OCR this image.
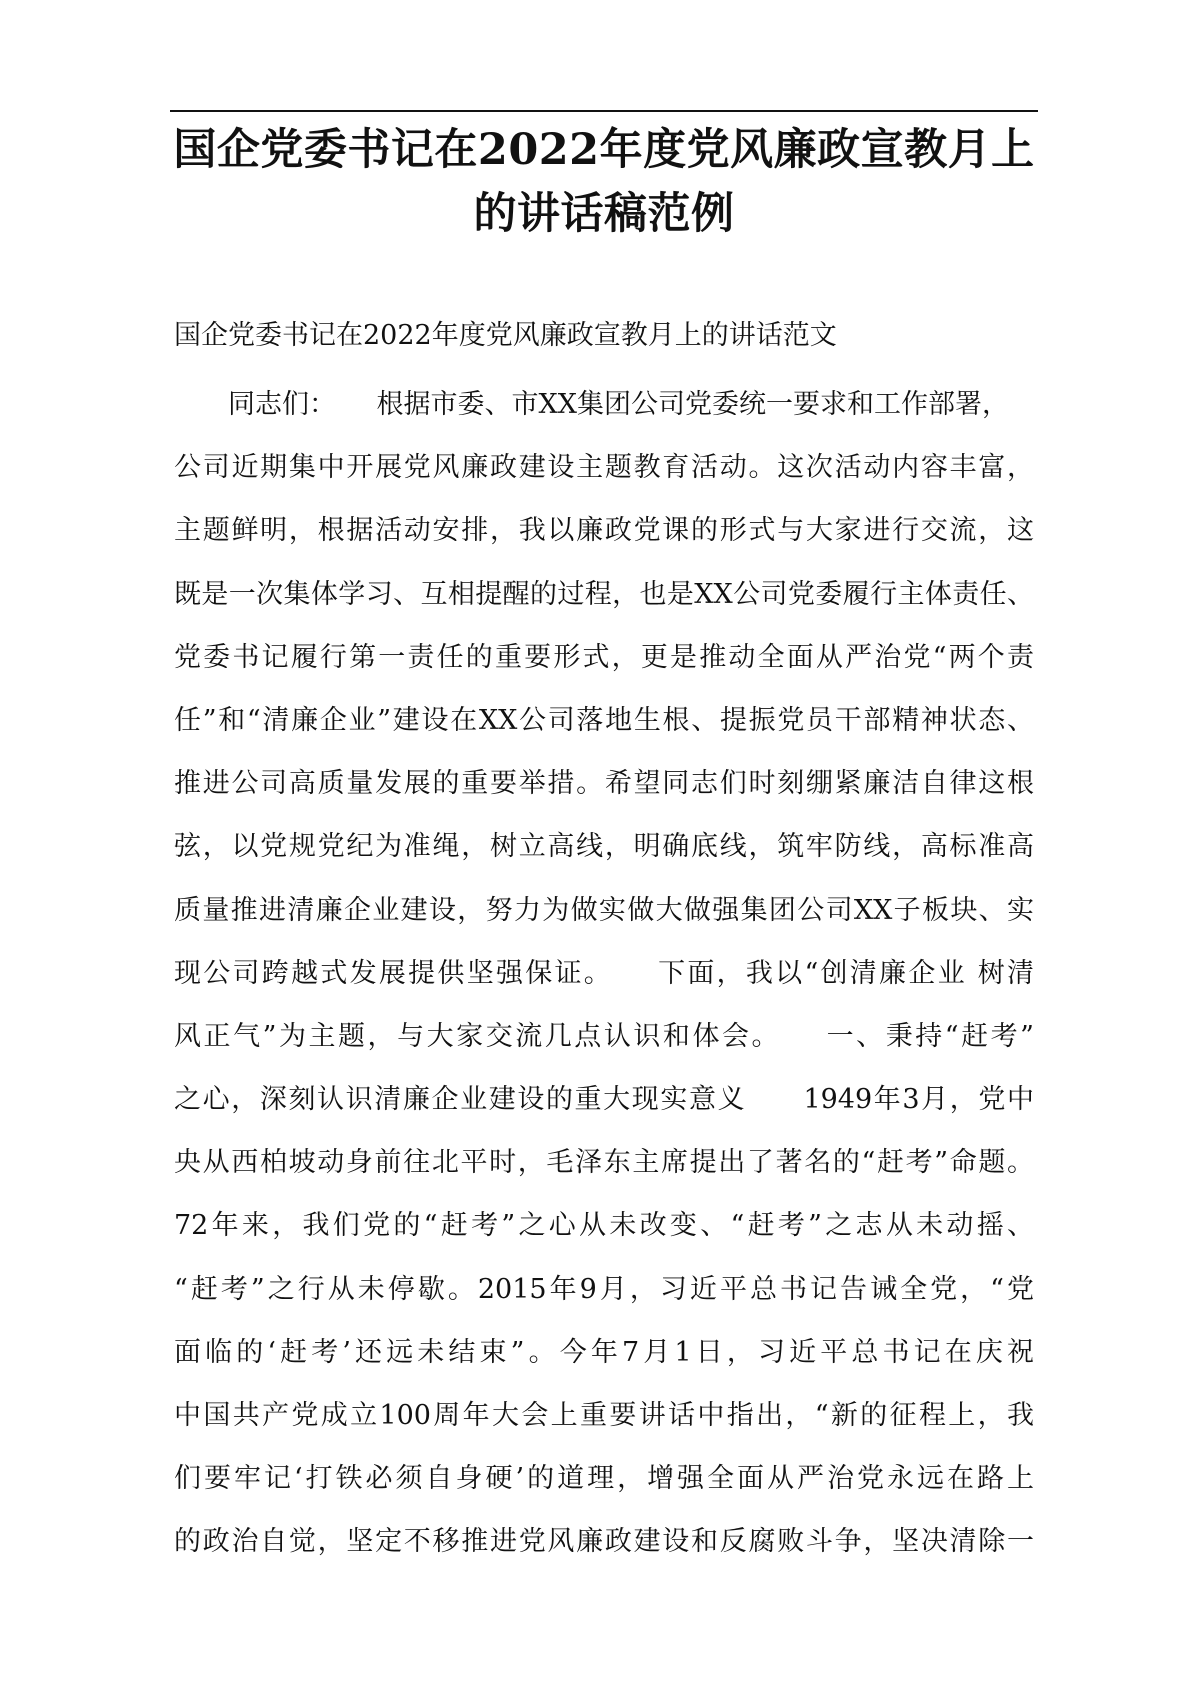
国企党委书记在2022年度党风廉政宣教月上的讲话稿范例

国企党委书记在2022年度党风廉政宣教月上的讲话范文

　　同志们：　　根据市委、市XX集团公司党委统一要求和工作部署，
公司近期集中开展党风廉政建设主题教育活动。这次活动内容丰富，
主题鲜明，根据活动安排，我以廉政党课的形式与大家进行交流，这
既是一次集体学习、互相提醒的过程，也是XX公司党委履行主体责任、
党委书记履行第一责任的重要形式，更是推动全面从严治党“两个责
任”和“清廉企业”建设在XX公司落地生根、提振党员干部精神状态、
推进公司高质量发展的重要举措。希望同志们时刻绷紧廉洁自律这根
弦，以党规党纪为准绳，树立高线，明确底线，筑牢防线，高标准高
质量推进清廉企业建设，努力为做实做大做强集团公司XX子板块、实
现公司跨越式发展提供坚强保证。　　下面，我以“创清廉企业 树清
风正气”为主题，与大家交流几点认识和体会。　　一、秉持“赶考”
之心，深刻认识清廉企业建设的重大现实意义　　1949年3月，党中
央从西柏坡动身前往北平时，毛泽东主席提出了著名的“赶考”命题。
72年来，我们党的“赶考”之心从未改变、“赶考”之志从未动摇、
“赶考”之行从未停歇。2015年9月，习近平总书记告诫全党，“党
面临的‘赶考’还远未结束”。今年7月1日，习近平总书记在庆祝
中国共产党成立100周年大会上重要讲话中指出，“新的征程上，我
们要牢记‘打铁必须自身硬’的道理，增强全面从严治党永远在路上
的政治自觉，坚定不移推进党风廉政建设和反腐败斗争，坚决清除一
